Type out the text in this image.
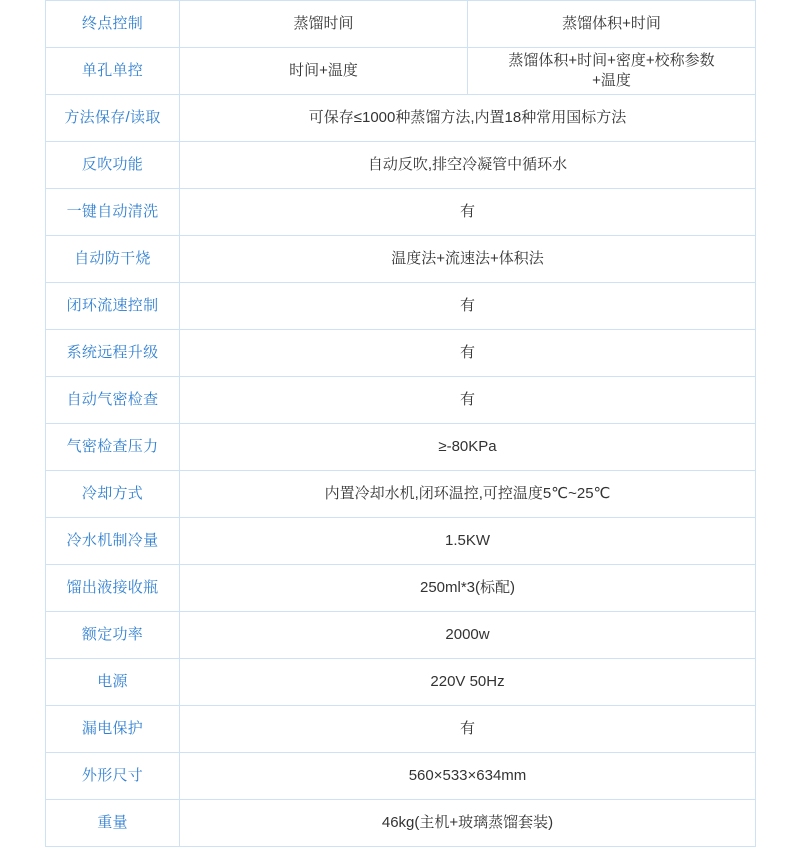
终点控制	蒸馏时间	蒸馏体积+时间
单孔单控	时间+温度	蒸馏体积+时间+密度+校称参数
+温度
方法保存/读取	可保存≤1000种蒸馏方法,内置18种常用国标方法	
反吹功能	自动反吹,排空冷凝管中循环水	
一键自动清洗	有	
自动防干烧	温度法+流速法+体积法	
闭环流速控制	有	
系统远程升级	有	
自动气密检查	有	
气密检查压力	≥-80KPa	
冷却方式	内置冷却水机,闭环温控,可控温度5℃~25℃	
冷水机制冷量	1.5KW	
馏出液接收瓶	250ml*3(标配)	
额定功率	2000w	
电源	220V 50Hz	
漏电保护	有	
外形尺寸	560×533×634mm	
重量	46kg(主机+玻璃蒸馏套装)	
